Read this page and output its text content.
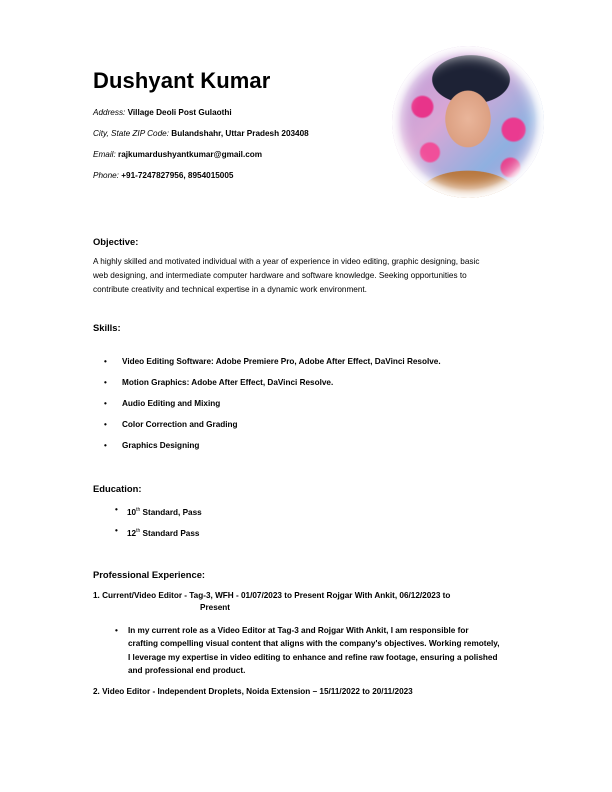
Dushyant Kumar
Address: Village Deoli Post Gulaothi
City, State ZIP Code: Bulandshahr, Uttar Pradesh 203408
Email: rajkumardushyantkumar@gmail.com
Phone: +91-7247827956, 8954015005
Objective:
A highly skilled and motivated individual with a year of experience in video editing, graphic designing, basic web designing, and intermediate computer hardware and software knowledge. Seeking opportunities to contribute creativity and technical expertise in a dynamic work environment.
Skills:
• Video Editing Software: Adobe Premiere Pro, Adobe After Effect, DaVinci Resolve.
• Motion Graphics: Adobe After Effect, DaVinci Resolve.
• Audio Editing and Mixing
• Color Correction and Grading
• Graphics Designing
Education:
• 10th Standard, Pass
• 12th Standard Pass
Professional Experience:
1. Current/Video Editor - Tag-3, WFH - 01/07/2023 to Present Rojgar With Ankit, 06/12/2023 to
Present
• In my current role as a Video Editor at Tag-3 and Rojgar With Ankit, I am responsible for crafting compelling visual content that aligns with the company's objectives. Working remotely, I leverage my expertise in video editing to enhance and refine raw footage, ensuring a polished and professional end product.
2. Video Editor - Independent Droplets, Noida Extension – 15/11/2022 to 20/11/2023
